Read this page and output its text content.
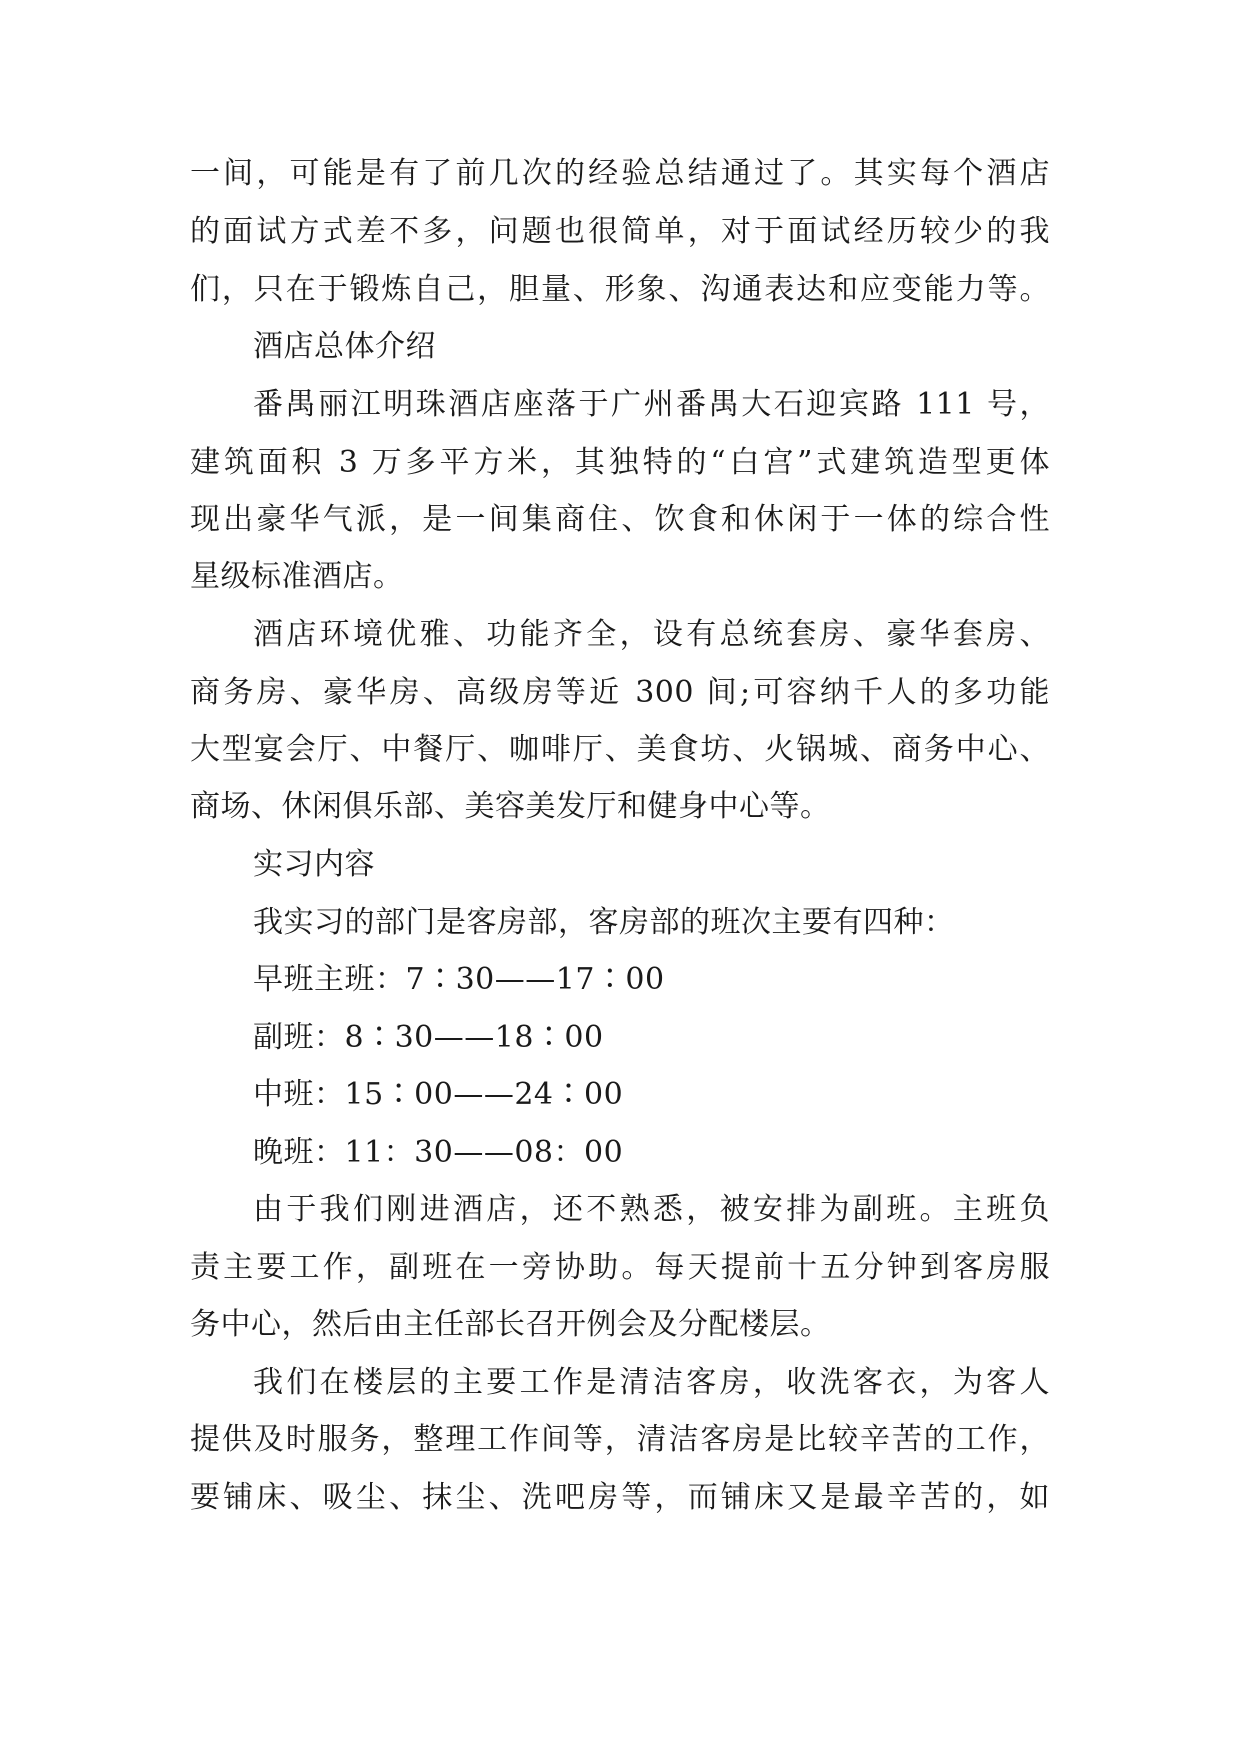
一间，可能是有了前几次的经验总结通过了。其实每个酒店
的面试方式差不多，问题也很简单，对于面试经历较少的我
们，只在于锻炼自己，胆量、形象、沟通表达和应变能力等。
酒店总体介绍
番禺丽江明珠酒店座落于广州番禺大石迎宾路 111 号，
建筑面积 3 万多平方米，其独特的“白宫”式建筑造型更体
现出豪华气派，是一间集商住、饮食和休闲于一体的综合性
星级标准酒店。
酒店环境优雅、功能齐全，设有总统套房、豪华套房、
商务房、豪华房、高级房等近 300 间;可容纳千人的多功能
大型宴会厅、中餐厅、咖啡厅、美食坊、火锅城、商务中心、
商场、休闲俱乐部、美容美发厅和健身中心等。
实习内容
我实习的部门是客房部，客房部的班次主要有四种：
早班主班：7∶30——17∶00
副班：8∶30——18∶00
中班：15∶00——24∶00
晚班：11：30——08：00
由于我们刚进酒店，还不熟悉，被安排为副班。主班负
责主要工作，副班在一旁协助。每天提前十五分钟到客房服
务中心，然后由主任部长召开例会及分配楼层。
我们在楼层的主要工作是清洁客房，收洗客衣，为客人
提供及时服务，整理工作间等，清洁客房是比较辛苦的工作，
要铺床、吸尘、抹尘、洗吧房等，而铺床又是最辛苦的，如
